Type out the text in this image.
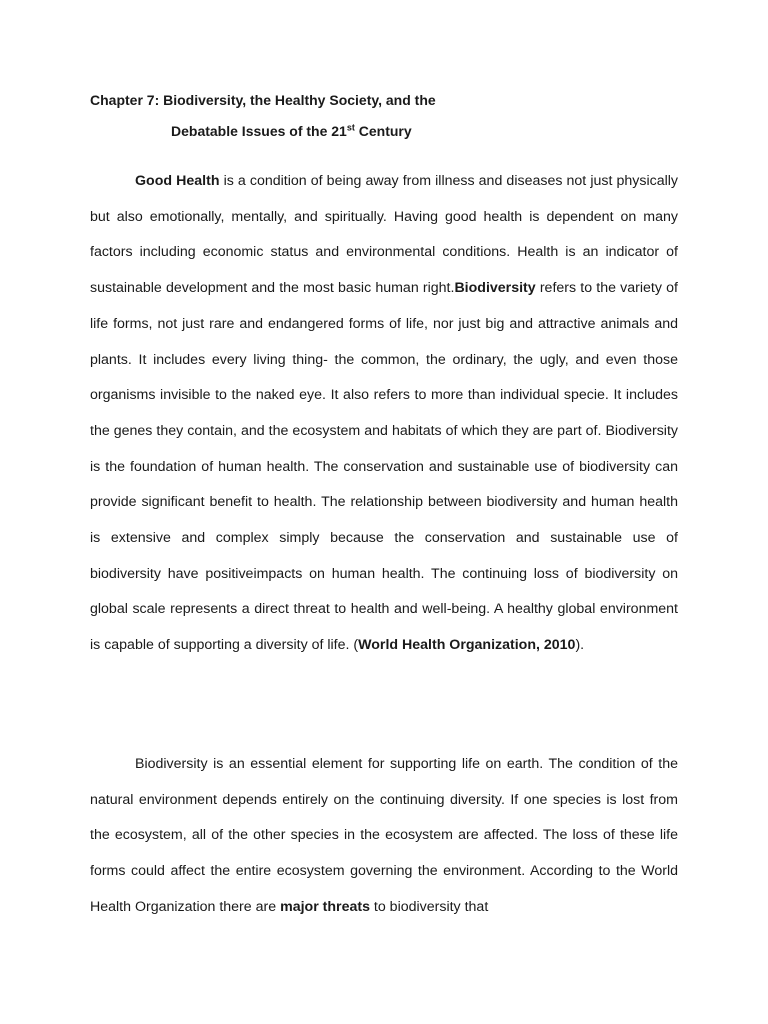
Chapter 7: Biodiversity, the Healthy Society, and the
Debatable Issues of the 21st Century

Good Health is a condition of being away from illness and diseases not just physically but also emotionally, mentally, and spiritually. Having good health is dependent on many factors including economic status and environmental conditions. Health is an indicator of sustainable development and the most basic human right.Biodiversity refers to the variety of life forms, not just rare and endangered forms of life, nor just big and attractive animals and plants. It includes every living thing- the common, the ordinary, the ugly, and even those organisms invisible to the naked eye. It also refers to more than individual specie. It includes the genes they contain, and the ecosystem and habitats of which they are part of. Biodiversity is the foundation of human health. The conservation and sustainable use of biodiversity can provide significant benefit to health. The relationship between biodiversity and human health is extensive and complex simply because the conservation and sustainable use of biodiversity have positiveimpacts on human health. The continuing loss of biodiversity on global scale represents a direct threat to health and well-being. A healthy global environment is capable of supporting a diversity of life. (World Health Organization, 2010).

Biodiversity is an essential element for supporting life on earth. The condition of the natural environment depends entirely on the continuing diversity. If one species is lost from the ecosystem, all of the other species in the ecosystem are affected. The loss of these life forms could affect the entire ecosystem governing the environment. According to the World Health Organization there are major threats to biodiversity that
